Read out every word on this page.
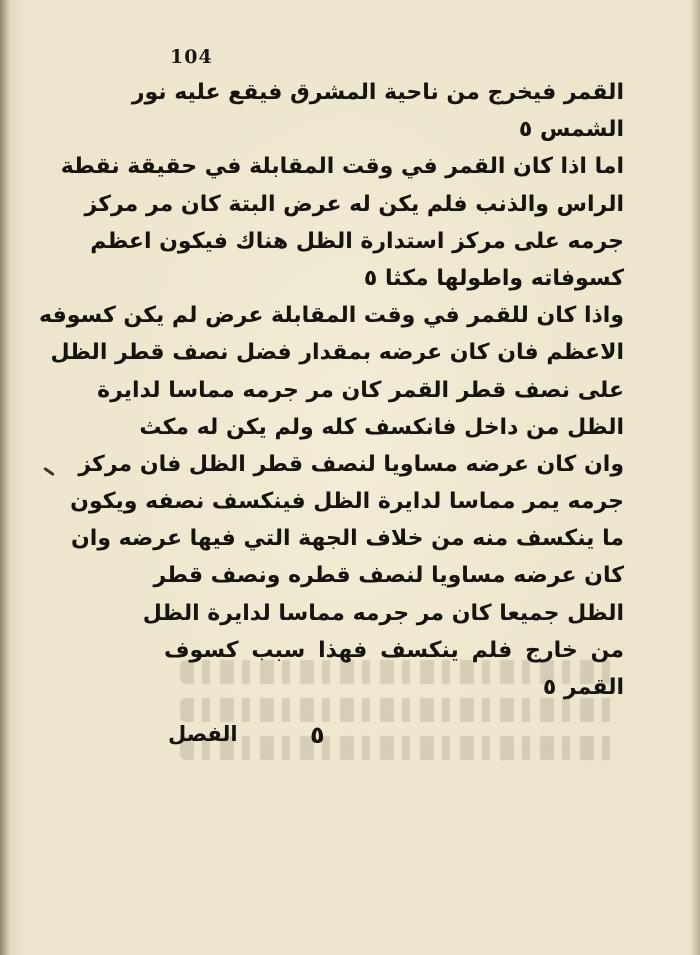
104
القمر فيخرج من ناحية المشرق فيقع عليه نور
الشمس ٥
اما اذا كان القمر في وقت المقابلة في حقيقة نقطة
الراس والذنب فلم يكن له عرض البتة كان مر مركز
جرمه على مركز استدارة الظل هناك فيكون اعظم
كسوفاته واطولها مكثا ٥
واذا كان للقمر في وقت المقابلة عرض لم يكن كسوفه
الاعظم فان كان عرضه بمقدار فضل نصف قطر الظل
على نصف قطر القمر كان مر جرمه مماسا لدايرة
الظل من داخل فانكسف كله ولم يكن له مكث
وان كان عرضه مساويا لنصف قطر الظل فان مركز
جرمه يمر مماسا لدايرة الظل فينكسف نصفه ويكون
ما ينكسف منه من خلاف الجهة التي فيها عرضه وان
كان عرضه مساويا لنصف قطره ونصف قطر
الظل جميعا كان مر جرمه مماسا لدايرة الظل
من خارج فلم ينكسف فهذا سبب كسوف
القمر ٥
الفصل	٥
